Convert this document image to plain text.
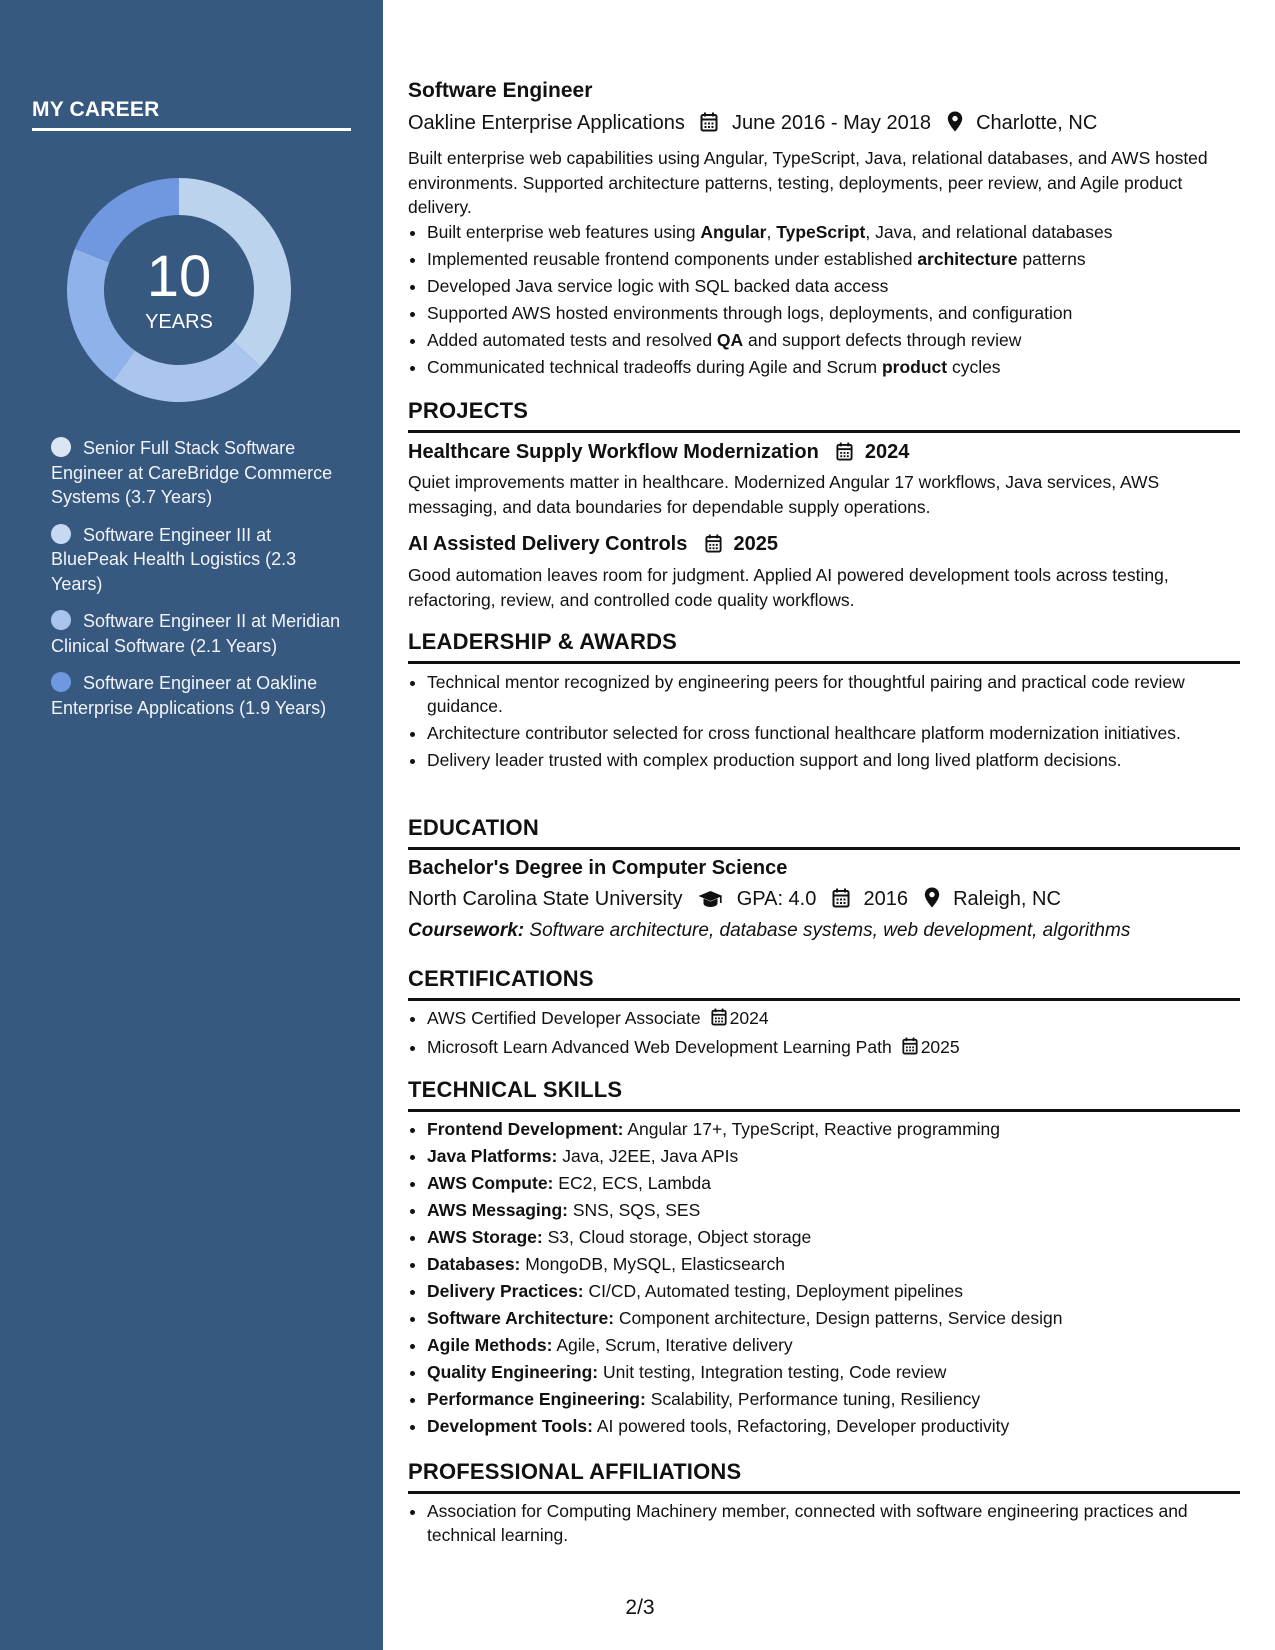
MY CAREER
10
YEARS
Senior Full Stack Software Engineer at CareBridge Commerce Systems (3.7 Years)
Software Engineer III at BluePeak Health Logistics (2.3 Years)
Software Engineer II at Meridian Clinical Software (2.1 Years)
Software Engineer at Oakline Enterprise Applications (1.9 Years)
Software Engineer
Oakline Enterprise Applications June 2016 - May 2018 Charlotte, NC

Built enterprise web capabilities using Angular, TypeScript, Java, relational databases, and AWS hosted environments. Supported architecture patterns, testing, deployments, peer review, and Agile product delivery.

• Built enterprise web features using Angular, TypeScript, Java, and relational databases
• Implemented reusable frontend components under established architecture patterns
• Developed Java service logic with SQL backed data access
• Supported AWS hosted environments through logs, deployments, and configuration
• Added automated tests and resolved QA and support defects through review
• Communicated technical tradeoffs during Agile and Scrum product cycles
PROJECTS
Healthcare Supply Workflow Modernization 2024

Quiet improvements matter in healthcare. Modernized Angular 17 workflows, Java services, AWS messaging, and data boundaries for dependable supply operations.

AI Assisted Delivery Controls 2025

Good automation leaves room for judgment. Applied AI powered development tools across testing, refactoring, review, and controlled code quality workflows.

LEADERSHIP & AWARDS
• Technical mentor recognized by engineering peers for thoughtful pairing and practical code review guidance.
• Architecture contributor selected for cross functional healthcare platform modernization initiatives.
• Delivery leader trusted with complex production support and long lived platform decisions.
EDUCATION
Bachelor's Degree in Computer Science
North Carolina State University	GPA: 4.0 2016 Raleigh, NC
Coursework: Software architecture, database systems, web development, algorithms
CERTIFICATIONS
• AWS Certified Developer Associate 2024
• Microsoft Learn Advanced Web Development Learning Path 2025
TECHNICAL SKILLS
• Frontend Development: Angular 17+, TypeScript, Reactive programming
• Java Platforms: Java, J2EE, Java APIs
• AWS Compute: EC2, ECS, Lambda
• AWS Messaging: SNS, SQS, SES
• AWS Storage: S3, Cloud storage, Object storage
• Databases: MongoDB, MySQL, Elasticsearch
• Delivery Practices: CI/CD, Automated testing, Deployment pipelines
• Software Architecture: Component architecture, Design patterns, Service design
• Agile Methods: Agile, Scrum, Iterative delivery
• Quality Engineering: Unit testing, Integration testing, Code review
• Performance Engineering: Scalability, Performance tuning, Resiliency
• Development Tools: AI powered tools, Refactoring, Developer productivity
PROFESSIONAL AFFILIATIONS
• Association for Computing Machinery member, connected with software engineering practices and technical learning.
2/3
